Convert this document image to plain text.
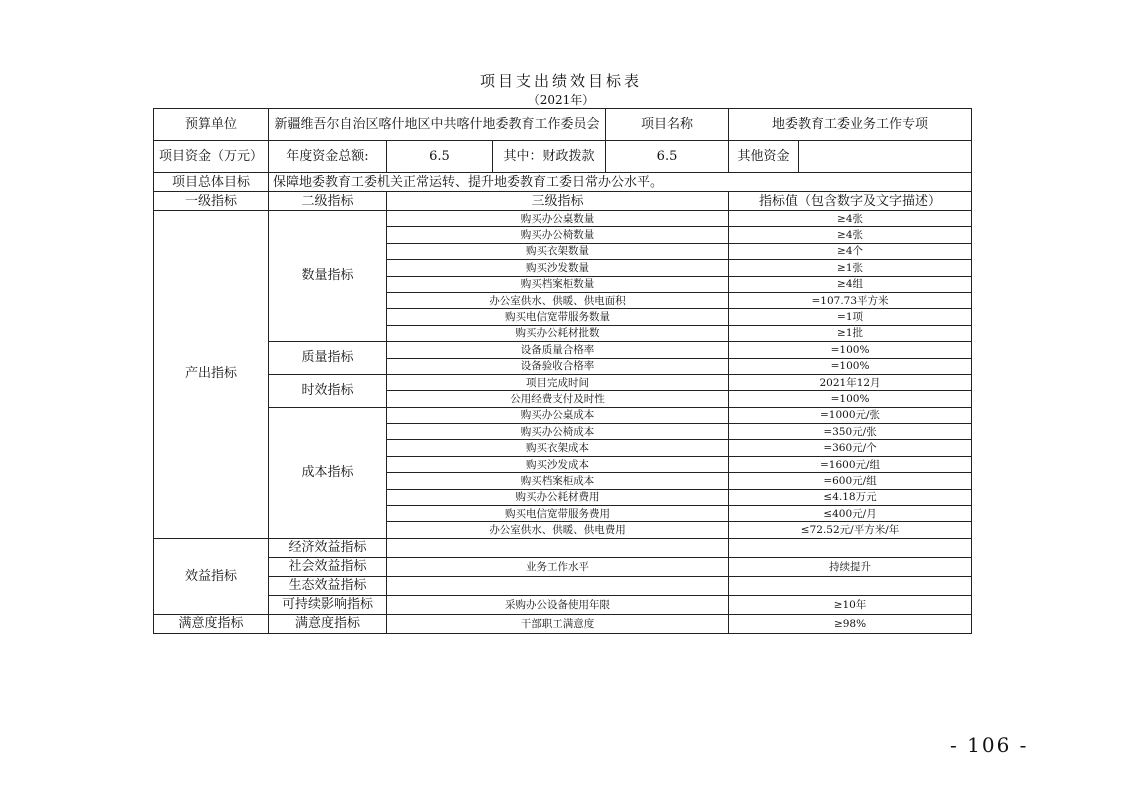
项目支出绩效目标表
（2021年）
预算单位	新疆维吾尔自治区喀什地区中共喀什地委教育工作委员会			项目名称	地委教育工委业务工作专项	
项目资金（万元）	年度资金总额:	6.5	其中：财政拨款	6.5	其他资金	
项目总体目标	保障地委教育工委机关正常运转、提升地委教育工委日常办公水平。					
一级指标	二级指标	三级指标			指标值（包含数字及文字描述）	
产出指标	数量指标	购买办公桌数量			≥4张	
		购买办公椅数量			≥4张	
		购买衣架数量			≥4个	
		购买沙发数量			≥1张	
		购买档案柜数量			≥4组	
		办公室供水、供暖、供电面积			=107.73平方米	
		购买电信宽带服务数量			=1项	
		购买办公耗材批数			≥1批	
	质量指标	设备质量合格率			=100%	
		设备验收合格率			=100%	
	时效指标	项目完成时间			2021年12月	
		公用经费支付及时性			=100%	
	成本指标	购买办公桌成本			=1000元/张	
		购买办公椅成本			=350元/张	
		购买衣架成本			=360元/个	
		购买沙发成本			=1600元/组	
		购买档案柜成本			=600元/组	
		购买办公耗材费用			≤4.18万元	
		购买电信宽带服务费用			≤400元/月	
		办公室供水、供暖、供电费用			≤72.52元/平方米/年	
效益指标	经济效益指标					
	社会效益指标	业务工作水平			持续提升	
	生态效益指标					
	可持续影响指标	采购办公设备使用年限			≥10年	
满意度指标	满意度指标	干部职工满意度			≥98%	
- 106 -
